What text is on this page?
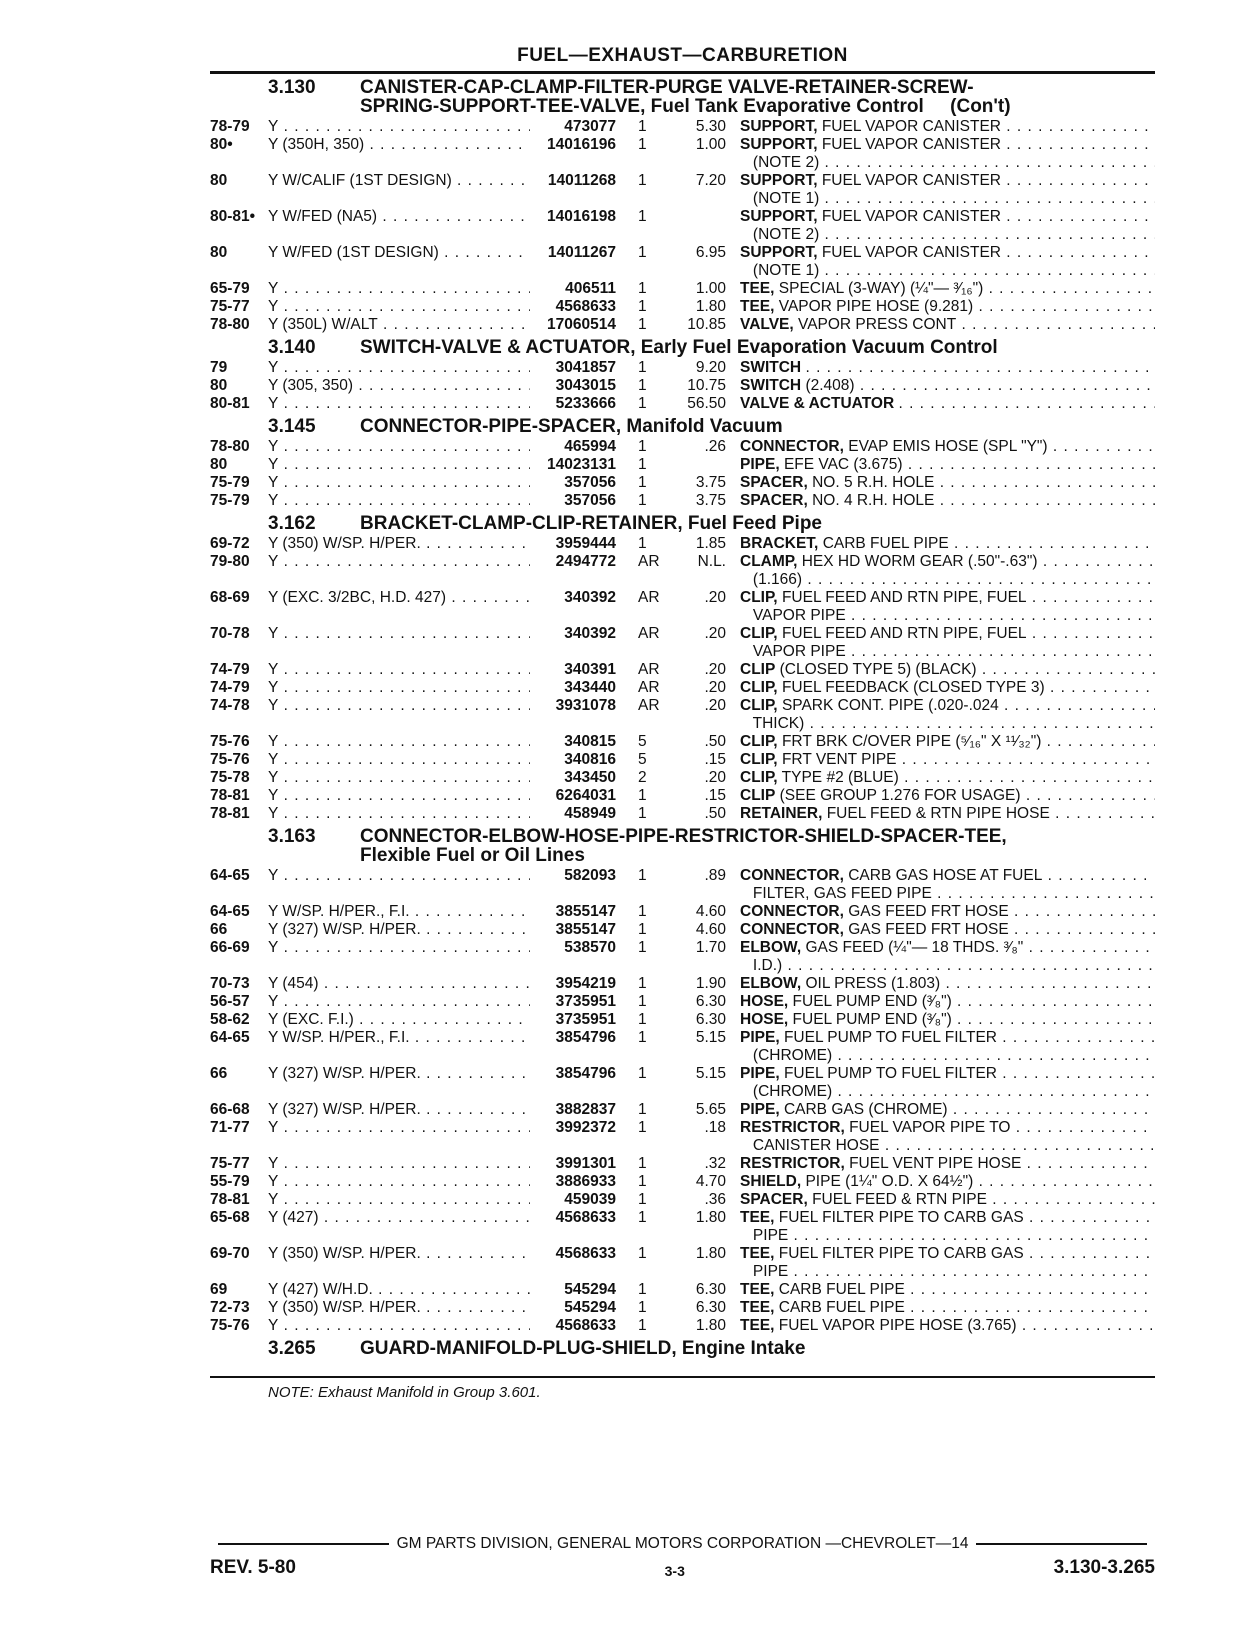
FUEL—EXHAUST—CARBURETION
3.130	CANISTER-CAP-CLAMP-FILTER-PURGE VALVE-RETAINER-SCREW-
SPRING-SUPPORT-TEE-VALVE, Fuel Tank Evaporative Control     (Con't)
78-79	Y . . .	473077	1	5.30 SUPPORT, FUEL VAPOR CANISTER . . .
80•	Y (350H, 350) . . .	14016196	1	1.00 SUPPORT, FUEL VAPOR CANISTER . . .
(NOTE 2) . . .
80	Y W/CALIF (1ST DESIGN) . . .	14011268	1	7.20 SUPPORT, FUEL VAPOR CANISTER . . .
(NOTE 1) . . .
80-81• Y W/FED (NA5) . . .	14016198	1	SUPPORT, FUEL VAPOR CANISTER . . .
(NOTE 2) . . .
80	Y W/FED (1ST DESIGN) . . .	14011267	1	6.95 SUPPORT, FUEL VAPOR CANISTER . . .
(NOTE 1) . . .
65-79	Y . . .	406511	1	1.00 TEE, SPECIAL (3-WAY) (¼"— ³⁄₁₆") . . .
75-77	Y . . .	4568633	1	1.80 TEE, VAPOR PIPE HOSE (9.281) . . .
78-80	Y (350L) W/ALT . . .	17060514	1	10.85 VALVE, VAPOR PRESS CONT . . .
3.140	SWITCH-VALVE & ACTUATOR, Early Fuel Evaporation Vacuum Control
79	Y . . .	3041857	1	9.20 SWITCH . . .
80	Y (305, 350) . . .	3043015	1	10.75 SWITCH (2.408) . . .
80-81	Y . . .	5233666	1	56.50 VALVE & ACTUATOR . . .
3.145	CONNECTOR-PIPE-SPACER, Manifold Vacuum
78-80	Y . . .	465994	1	.26 CONNECTOR, EVAP EMIS HOSE (SPL "Y") . . .
80	Y . . .	14023131	1	PIPE, EFE VAC (3.675) . . .
75-79	Y . . .	357056	1	3.75 SPACER, NO. 5 R.H. HOLE . . .
75-79	Y . . .	357056	1	3.75 SPACER, NO. 4 R.H. HOLE . . .
3.162	BRACKET-CLAMP-CLIP-RETAINER, Fuel Feed Pipe
69-72	Y (350) W/SP. H/PER. . . .	3959444	1	1.85 BRACKET, CARB FUEL PIPE . . .
79-80	Y . . .	2494772	AR	N.L. CLAMP, HEX HD WORM GEAR (.50"-.63") . . .
(1.166) . . .
68-69	Y (EXC. 3/2BC, H.D. 427) . . .	340392	AR	.20 CLIP, FUEL FEED AND RTN PIPE, FUEL . . .
VAPOR PIPE . . .
70-78	Y . . .	340392	AR	.20 CLIP, FUEL FEED AND RTN PIPE, FUEL . . .
VAPOR PIPE . . .
74-79	Y . . .	340391	AR	.20 CLIP (CLOSED TYPE 5) (BLACK) . . .
74-79	Y . . .	343440	AR	.20 CLIP, FUEL FEEDBACK (CLOSED TYPE 3) . . .
74-78	Y . . .	3931078	AR	.20 CLIP, SPARK CONT. PIPE (.020-.024 . . .
THICK) . . .
75-76	Y . . .	340815	5	.50 CLIP, FRT BRK C/OVER PIPE (⁵⁄₁₆" X ¹¹⁄₃₂") . . .
75-76	Y . . .	340816	5	.15 CLIP, FRT VENT PIPE . . .
75-78	Y . . .	343450	2	.20 CLIP, TYPE #2 (BLUE) . . .
78-81	Y . . .	6264031	1	.15 CLIP (SEE GROUP 1.276 FOR USAGE) . . .
78-81	Y . . .	458949	1	.50 RETAINER, FUEL FEED & RTN PIPE HOSE . . .
3.163	CONNECTOR-ELBOW-HOSE-PIPE-RESTRICTOR-SHIELD-SPACER-TEE,
Flexible Fuel or Oil Lines
64-65	Y . . .	582093	1	.89 CONNECTOR, CARB GAS HOSE AT FUEL . . .
FILTER, GAS FEED PIPE . . .
64-65	Y W/SP. H/PER., F.I. . . .	3855147	1	4.60 CONNECTOR, GAS FEED FRT HOSE . . .
66	Y (327) W/SP. H/PER. . . .	3855147	1	4.60 CONNECTOR, GAS FEED FRT HOSE . . .
66-69	Y . . .	538570	1	1.70 ELBOW, GAS FEED (¼"— 18 THDS. ³⁄₈" . . .
I.D.) . . .
70-73	Y (454) . . .	3954219	1	1.90 ELBOW, OIL PRESS (1.803) . . .
56-57	Y . . .	3735951	1	6.30 HOSE, FUEL PUMP END (³⁄₈") . . .
58-62	Y (EXC. F.I.) . . .	3735951	1	6.30 HOSE, FUEL PUMP END (³⁄₈") . . .
64-65	Y W/SP. H/PER., F.I. . . .	3854796	1	5.15 PIPE, FUEL PUMP TO FUEL FILTER . . .
(CHROME) . . .
66	Y (327) W/SP. H/PER. . . .	3854796	1	5.15 PIPE, FUEL PUMP TO FUEL FILTER . . .
(CHROME) . . .
66-68	Y (327) W/SP. H/PER. . . .	3882837	1	5.65 PIPE, CARB GAS (CHROME) . . .
71-77	Y . . .	3992372	1	.18 RESTRICTOR, FUEL VAPOR PIPE TO . . .
CANISTER HOSE . . .
75-77	Y . . .	3991301	1	.32 RESTRICTOR, FUEL VENT PIPE HOSE . . .
55-79	Y . . .	3886933	1	4.70 SHIELD, PIPE (1¼" O.D. X 64½") . . .
78-81	Y . . .	459039	1	.36 SPACER, FUEL FEED & RTN PIPE . . .
65-68	Y (427) . . .	4568633	1	1.80 TEE, FUEL FILTER PIPE TO CARB GAS . . .
PIPE . . .
69-70	Y (350) W/SP. H/PER. . . .	4568633	1	1.80 TEE, FUEL FILTER PIPE TO CARB GAS . . .
PIPE . . .
69	Y (427) W/H.D. . . .	545294	1	6.30 TEE, CARB FUEL PIPE . . .
72-73	Y (350) W/SP. H/PER. . . .	545294	1	6.30 TEE, CARB FUEL PIPE . . .
75-76	Y . . .	4568633	1	1.80 TEE, FUEL VAPOR PIPE HOSE (3.765) . . .
3.265	GUARD-MANIFOLD-PLUG-SHIELD, Engine Intake
NOTE: Exhaust Manifold in Group 3.601.
GM PARTS DIVISION, GENERAL MOTORS CORPORATION —CHEVROLET—14
REV. 5-80	3-3	3.130-3.265
